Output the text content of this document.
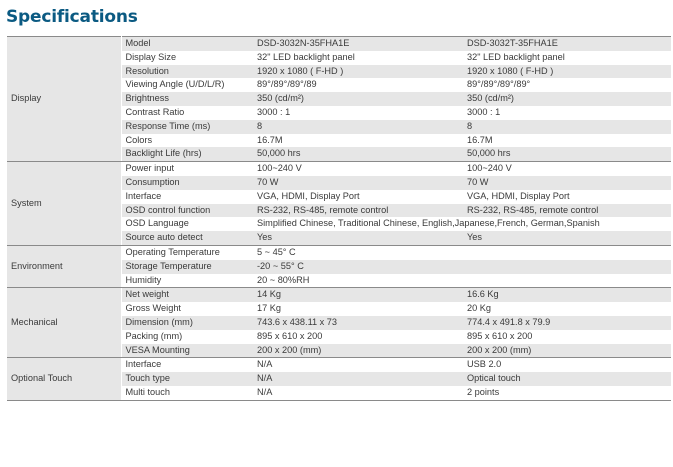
Specifications
Display	Model	DSD-3032N-35FHA1E	DSD-3032T-35FHA1E
	Display Size	32" LED backlight panel	32" LED backlight panel
	Resolution	1920 x 1080 ( F-HD )	1920 x 1080 ( F-HD )
	Viewing Angle (U/D/L/R)	89°/89°/89°/89	89°/89°/89°/89°
	Brightness	350 (cd/m²)	350 (cd/m²)
	Contrast Ratio	3000 : 1	3000 : 1
	Response Time (ms)	8	8
	Colors	16.7M	16.7M
	Backlight Life (hrs)	50,000 hrs	50,000 hrs
System	Power input	100~240 V	100~240 V
	Consumption	70 W	70 W
	Interface	VGA, HDMI, Display Port	VGA, HDMI, Display Port
	OSD control function	RS-232, RS-485, remote control	RS-232, RS-485, remote control
	OSD Language	Simplified Chinese, Traditional Chinese, English,Japanese,French, German,Spanish	
	Source auto detect	Yes	Yes
Environment	Operating Temperature	5 ~ 45° C	
	Storage Temperature	-20 ~ 55° C	
	Humidity	20 ~ 80%RH	
Mechanical	Net weight	14 Kg	16.6 Kg
	Gross Weight	17 Kg	20 Kg
	Dimension (mm)	743.6 x 438.11 x 73	774.4 x 491.8 x 79.9
	Packing (mm)	895 x 610 x 200	895 x 610 x 200
	VESA Mounting	200 x 200 (mm)	200 x 200 (mm)
Optional Touch	Interface	N/A	USB 2.0
	Touch type	N/A	Optical touch
	Multi touch	N/A	2 points
